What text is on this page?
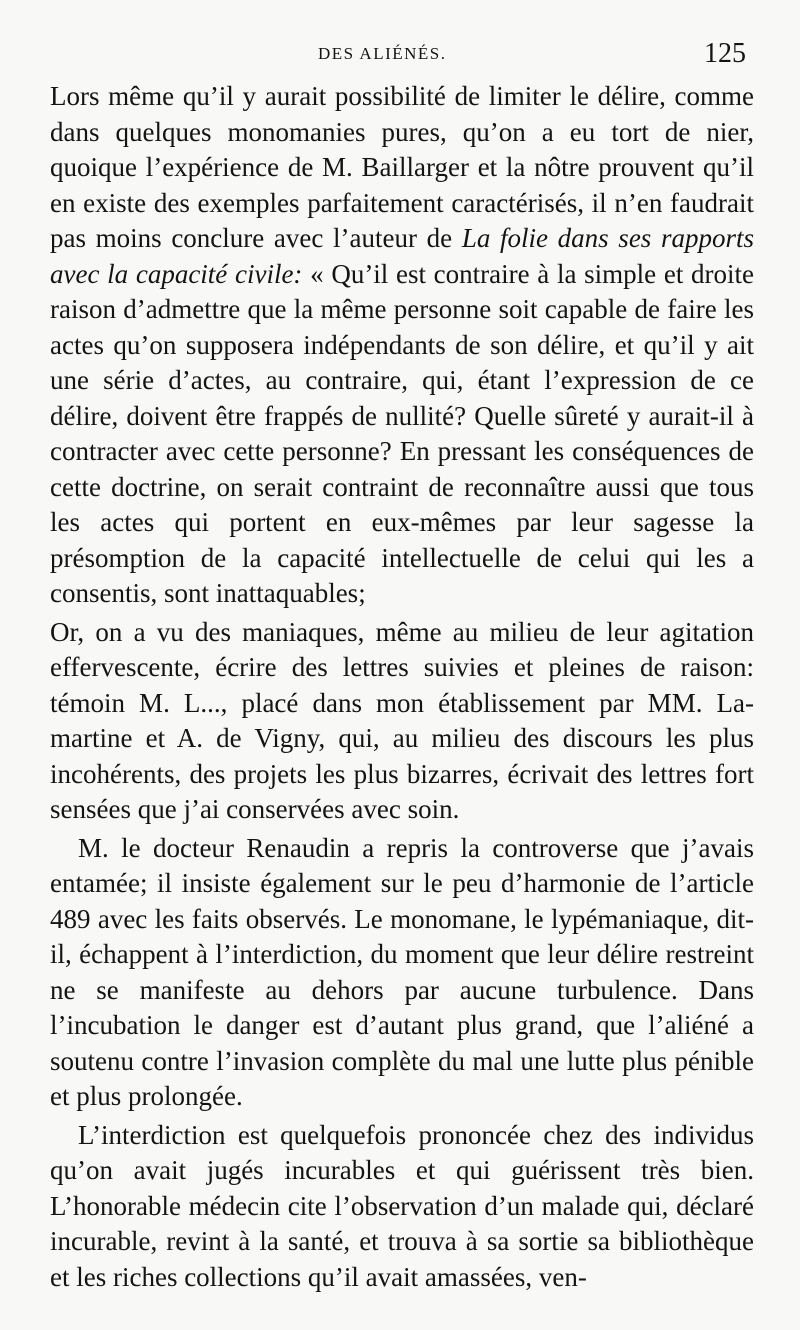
DES ALIÉNÉS.	125

Lors même qu’il y aurait possibilité de limiter le délire, comme dans quelques monomanies pures, qu’on a eu tort de nier, quoique l’expérience de M. Baillarger et la nôtre prouvent qu’il en existe des exemples parfaitement caractérisés, il n’en faudrait pas moins conclure avec l’auteur de La folie dans ses rapports avec la capacité civile: « Qu’il est contraire à la simple et droite raison d’admettre que la même personne soit capable de faire les actes qu’on supposera indépendants de son délire, et qu’il y ait une série d’actes, au contraire, qui, étant l’expression de ce délire, doivent être frappés de nullité? Quelle sûreté y aurait-il à contracter avec cette personne? En pressant les conséquences de cette doctrine, on serait contraint de reconnaître aussi que tous les actes qui portent en eux-mêmes par leur sagesse la présomption de la capacité intellectuelle de celui qui les a consentis, sont inattaquables;

Or, on a vu des maniaques, même au milieu de leur agitation effervescente, écrire des lettres suivies et pleines de raison: témoin M. L..., placé dans mon établissement par MM. Lamartine et A. de Vigny, qui, au milieu des discours les plus incohérents, des projets les plus bizarres, écrivait des lettres fort sensées que j’ai conservées avec soin.

M. le docteur Renaudin a repris la controverse que j’avais entamée; il insiste également sur le peu d’harmonie de l’article 489 avec les faits observés. Le monomane, le lypémaniaque, dit-il, échappent à l’interdiction, du moment que leur délire restreint ne se manifeste au dehors par aucune turbulence. Dans l’incubation le danger est d’autant plus grand, que l’aliéné a soutenu contre l’invasion complète du mal une lutte plus pénible et plus prolongée.

L’interdiction est quelquefois prononcée chez des individus qu’on avait jugés incurables et qui guérissent très bien. L’honorable médecin cite l’observation d’un malade qui, déclaré incurable, revint à la santé, et trouva à sa sortie sa bibliothèque et les riches collections qu’il avait amassées, ven-
